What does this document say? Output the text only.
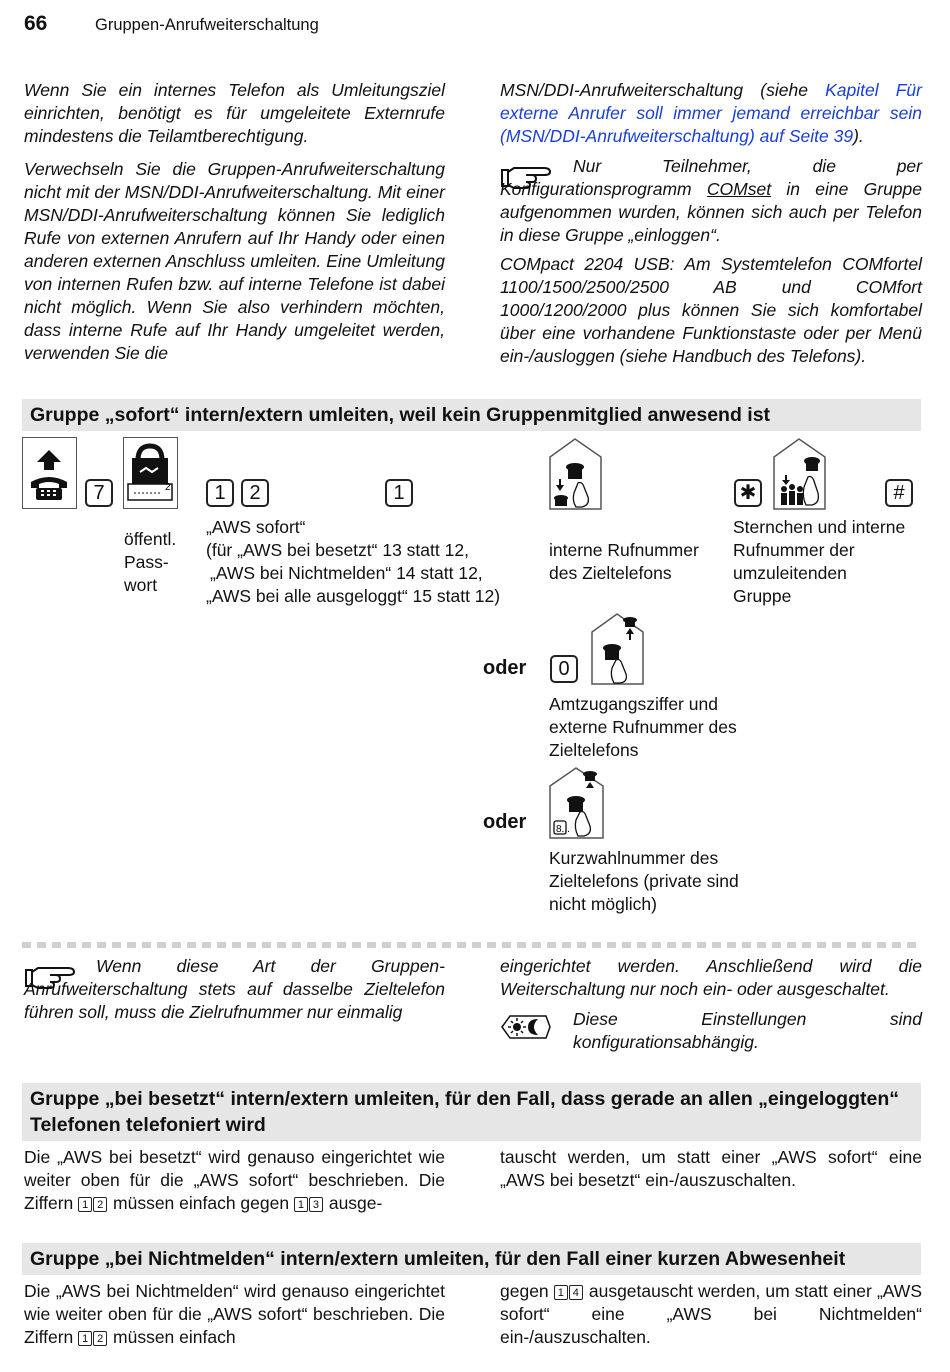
66	Gruppen-Anrufweiterschaltung

Wenn Sie ein internes Telefon als Umleitungsziel einrichten, benötigt es für umgeleitete Externrufe mindestens die Teilamtberechtigung.

Verwechseln Sie die Gruppen-Anrufweiterschaltung nicht mit der MSN/DDI-Anrufweiterschaltung. Mit einer MSN/DDI-Anrufweiterschaltung können Sie lediglich Rufe von externen Anrufern auf Ihr Handy oder einen anderen externen Anschluss umleiten. Eine Umleitung von internen Rufen bzw. auf interne Telefone ist dabei nicht möglich. Wenn Sie also verhindern möchten, dass interne Rufe auf Ihr Handy umgeleitet werden, verwenden Sie die

MSN/DDI-Anrufweiterschaltung (siehe Kapitel Für externe Anrufer soll immer jemand erreichbar sein (MSN/DDI-Anrufweiterschaltung) auf Seite 39).

Nur Teilnehmer, die per Konfigurationsprogramm COMset in eine Gruppe aufgenommen wurden, können sich auch per Telefon in diese Gruppe „einloggen“.

COMpact 2204 USB: Am Systemtelefon COMfortel 1100/1500/2500/2500 AB und COMfort 1000/1200/2000 plus können Sie sich komfortabel über eine vorhandene Funktionstaste oder per Menü ein-/ausloggen (siehe Handbuch des Telefons).
Gruppe „sofort“ intern/extern umleiten, weil kein Gruppenmitglied anwesend ist
7	2	1	2	1	✱	#
öffentl. Pass-wort
„AWS sofort“
(für „AWS bei besetzt“ 13 statt 12,
„AWS bei Nichtmelden“ 14 statt 12,
„AWS bei alle ausgeloggt“ 15 statt 12)
interne Rufnummer des Zieltelefons
Sternchen und interne Rufnummer der umzuleitenden Gruppe
oder	0
Amtzugangsziffer und externe Rufnummer des Zieltelefons
oder	8...
Kurzwahlnummer des Zieltelefons (private sind nicht möglich)
Wenn diese Art der Gruppen-Anrufweiterschaltung stets auf dasselbe Zieltelefon führen soll, muss die Zielrufnummer nur einmalig
eingerichtet werden. Anschließend wird die Weiterschaltung nur noch ein- oder ausgeschaltet.
Diese Einstellungen sind konfigurationsabhängig.
Gruppe „bei besetzt“ intern/extern umleiten, für den Fall, dass gerade an allen „eingeloggten“ Telefonen telefoniert wird
Die „AWS bei besetzt“ wird genauso eingerichtet wie weiter oben für die „AWS sofort“ beschrieben. Die Ziffern 1 2 müssen einfach gegen 1 3 ausge-
tauscht werden, um statt einer „AWS sofort“ eine „AWS bei besetzt“ ein-/auszuschalten.
Gruppe „bei Nichtmelden“ intern/extern umleiten, für den Fall einer kurzen Abwesenheit
Die „AWS bei Nichtmelden“ wird genauso eingerichtet wie weiter oben für die „AWS sofort“ beschrieben. Die Ziffern 1 2 müssen einfach
gegen 1 4 ausgetauscht werden, um statt einer „AWS sofort“ eine „AWS bei Nichtmelden“ ein-/auszuschalten.
